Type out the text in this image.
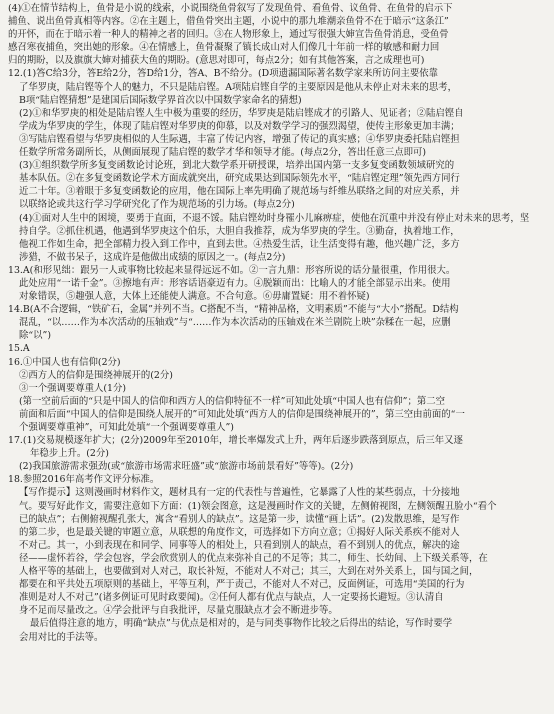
(4)①在情节结构上，鱼骨是小说的线索，小说围绕鱼骨叙写了发现鱼骨、看鱼骨、议鱼骨、在鱼骨的启示下
捕鱼、说出鱼骨真相等内容。②在主题上，借鱼骨突出主题，小说中的那九堆潮亲鱼骨不在于暗示“这条江”
的开怀，而在于暗示着一种人的精神之者的回归。③在人物形象上，通过写很强大婶宣告鱼骨消息，受鱼骨
感召寒夜捕鱼，突出她的形象。④在情感上，鱼骨凝聚了镇长成山对人们像几十年前一样的敏感和耐力回
归的期盼，以及旗旗大婶对捕获大鱼的期盼。(意思对即可，每点2分；如有其他答案，言之成理也可)
12.(1)答C给3分，答E给2分，答D给1分，答A、B不给分。(D项遗漏国际著名数学家来所访问主要依靠
了华罗庚，陆启铿等个人的魅力，不只是陆启铿。A项陆启铿自学的主要原因是他从未停止对未来的思考，
B项“陆启铿猜想”是建国后国际数学界首次以中国数学家命名的猜想)
(2)①和华罗庚的相处是陆启铿人生中极为重要的经历，华罗庚是陆启铿成才的引路人、见证者；②陆启铿自
学成为华罗庚的学生，体现了陆启铿对华罗庚的仰慕，以及对数学学习的强烈渴望，使传主形象更加丰满；
③写陆启铿看望与华罗庚相似的人生际遇，丰富了传记内容，增强了传记的真实感；④华罗庚委托陆启铿担
任数学所常务副所长，从侧面展现了陆启铿的数学才华和领导才能。(每点2分，答出任意三点即可)
(3)①组织数学所多复变函数论讨论班，到北大数学系开研授课，培养出国内第一支多复变函数领域研究的
基本队伍。②在多复变函数论学术方面成就突出，研究成果达到国际领先水平，“陆启铿定理”领先西方同行
近二十年。③着眼于多复变函数论的应用，他在国际上率先明确了规范场与纤维丛联络之间的对应关系，并
以联络论或共这行学习学研究化了作为规范场的引力场。(每点2分)
(4)①面对人生中的困境，要勇于直面，不退不馁。陆启铿幼时身罹小儿麻痹症，使他在沉重中并没有停止对未来的思考，坚
持自学。②抓住机遇，他遇到华罗庚这个伯乐，大胆自我推荐，成为华罗庚的学生。③勤奋，执着地工作，
他视工作如生命，把全部精力投入到工作中，直到去世。④热爱生活，让生活变得有趣，他兴趣广泛，多方
涉猎，不做书呆子，这成许是他做出成绩的原因之一。(每点2分)
13.A(和形见绌：跟另一人或事物比较起来显得远远不如。②一言九鼎：形容所说的话分量很重，作用很大。
此处应用“一诺千金”。③擦地有声：形容话语豪迈有力。④脱颖而出：比喻人的才能全部显示出来。使用
对象错误，⑤趣强人意，大体上还能使人满意。不合句意。⑥毋庸置疑：用不着怀疑)
14.B(A不合逻辑，“铁矿石，金属”并列不当。C搭配不当，“精神品格，文明素质”不能与“大小”搭配。D结构
混乱，“以……作为本次活动的压轴戏”与“……作为本次活动的压轴戏在米兰剧院上映”杂糅在一起，应删
除“以”)
15.A
16.①中国人也有信仰(2分)
②西方人的信仰是围绕神展开的(2分)
③一个强调要尊重人(1分)
(第一空前后面的“只是中国人的信仰和西方人的信仰特征不一样”可知此处填“中国人也有信仰”；第二空
前面和后面“中国人的信仰是围绕人展开的”可知此处填“西方人的信仰是围绕神展开的”，第三空由前面的“一
个强调要尊重神”，可知此处填“一个强调要尊重人”)
17.(1)交易规模逐年扩大；(2分)2009年至2010年，增长率爆发式上升，两年后逐步跌落到原点，后三年又逐
年稳步上升。(2分)
(2)我国旅游需求强劲(或“旅游市场需求旺盛”或“旅游市场前景看好”等等)。(2分)
18.参照2016年高考作文评分标准。
【写作提示】这则漫画时材料作文，题材具有一定的代表性与普遍性，它暴露了人性的某些弱点，十分接地
气。要写好此作文，需要注意如下方面：(1)领会图意，这是漫画时作文的关键，左侧俯视图，左侧领醒丑脸小“看个
已的缺点”；右侧俯视醒孔张大，寓含“看别人的缺点”。这是第一步，读懂“画上话”。(2)发散思维，是写作
的第二步，也是最关键的审题立意，从联想的角度作文，可选择如下方向立意；①揭好人际关系疾不能对人
不对己。其一，小到表现在和同学、同事等人的相处上，只看到别人的缺点，看不到别人的优点，解决的途
径——虚怀若谷，学会包容，学会欣赏别人的优点来弥补自己的不足等；其二，师生、长幼间、上下级关系等，在
人格平等的基础上，也要做到对人对己，取长补短，不能对人不对己；其三，大到在对外关系上，国与国之间，
都要在和平共处五项原则的基础上，平等互利，严于责己，不能对人不对己，反面例证，可选用“美国的行为
准则是对人不对己”(诸多例证可见时政要闻)。②任何人都有优点与缺点，人一定要扬长避短。③认清自
身不足而尽量改之。④学会批评与自我批评，尽量克服缺点才会不断进步等。
最后值得注意的地方，明确“缺点”与优点是相对的，是与同类事物作比较之后得出的结论，写作时要学
会用对比的手法等。
